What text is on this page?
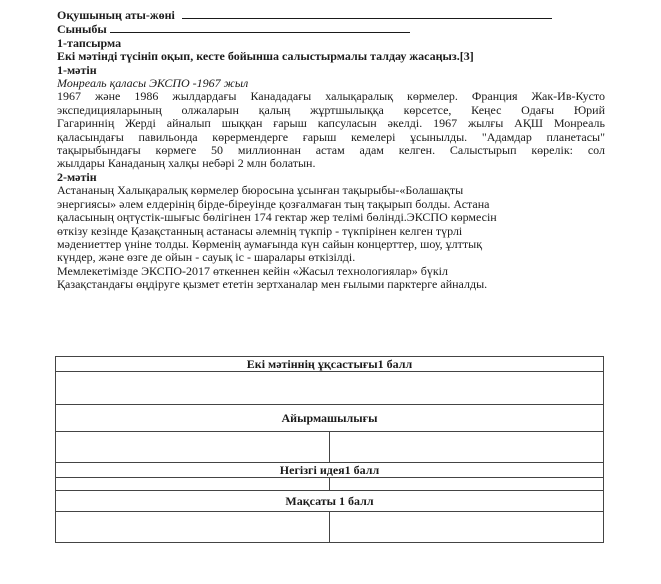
Оқушының аты-жөні
Сыныбы
1-тапсырма
Екі мәтінді түсініп оқып, кесте бойынша салыстырмалы талдау жасаңыз.[3]
1-мәтін
Монреаль қаласы ЭКСПО -1967 жыл
1967 және 1986 жылдардағы Канададағы халықаралық көрмелер. Франция Жак-Ив-Кусто
экспедицияларының олжаларын қалың жұртшылыққа көрсетсе, Кеңес Одағы Юрий
Гагариннің Жерді айналып шыққан ғарыш капсуласын әкелді. 1967 жылғы АҚШ Монреаль
қаласындағы павильонда көрермендерге ғарыш кемелері ұсынылды. "Адамдар планетасы"
тақырыбындағы көрмеге 50 миллионнан астам адам келген. Салыстырып көрелік: сол
жылдары Канаданың халқы небәрі 2 млн болатын.
2-мәтін
Астананың Халықаралық көрмелер бюросына ұсынған тақырыбы-«Болашақты
энергиясы» әлем елдерінің бірде-біреуінде қозғалмаған тың тақырып болды. Астана
қаласының оңтүстік-шығыс бөлігінен 174 гектар жер телімі бөлінді.ЭКСПО көрмесін
өткізу кезінде Қазақстанның астанасы әлемнің түкпір - түкпірінен келген түрлі
мәдениеттер үніне толды. Көрменің аумағында күн сайын концерттер, шоу, ұлттық
күндер, және өзге де ойын - сауық іс - шаралары өткізілді.
Мемлекетімізде ЭКСПО-2017 өткеннен кейін «Жасыл технологиялар» бүкіл
Қазақстандағы өңдіруге қызмет ететін зертханалар мен ғылыми парктерге айналды.
Екі мәтіннің ұқсастығы1 балл	

Айырмашылығы	

Негізгі идея1 балл	

Мақсаты 1 балл	
